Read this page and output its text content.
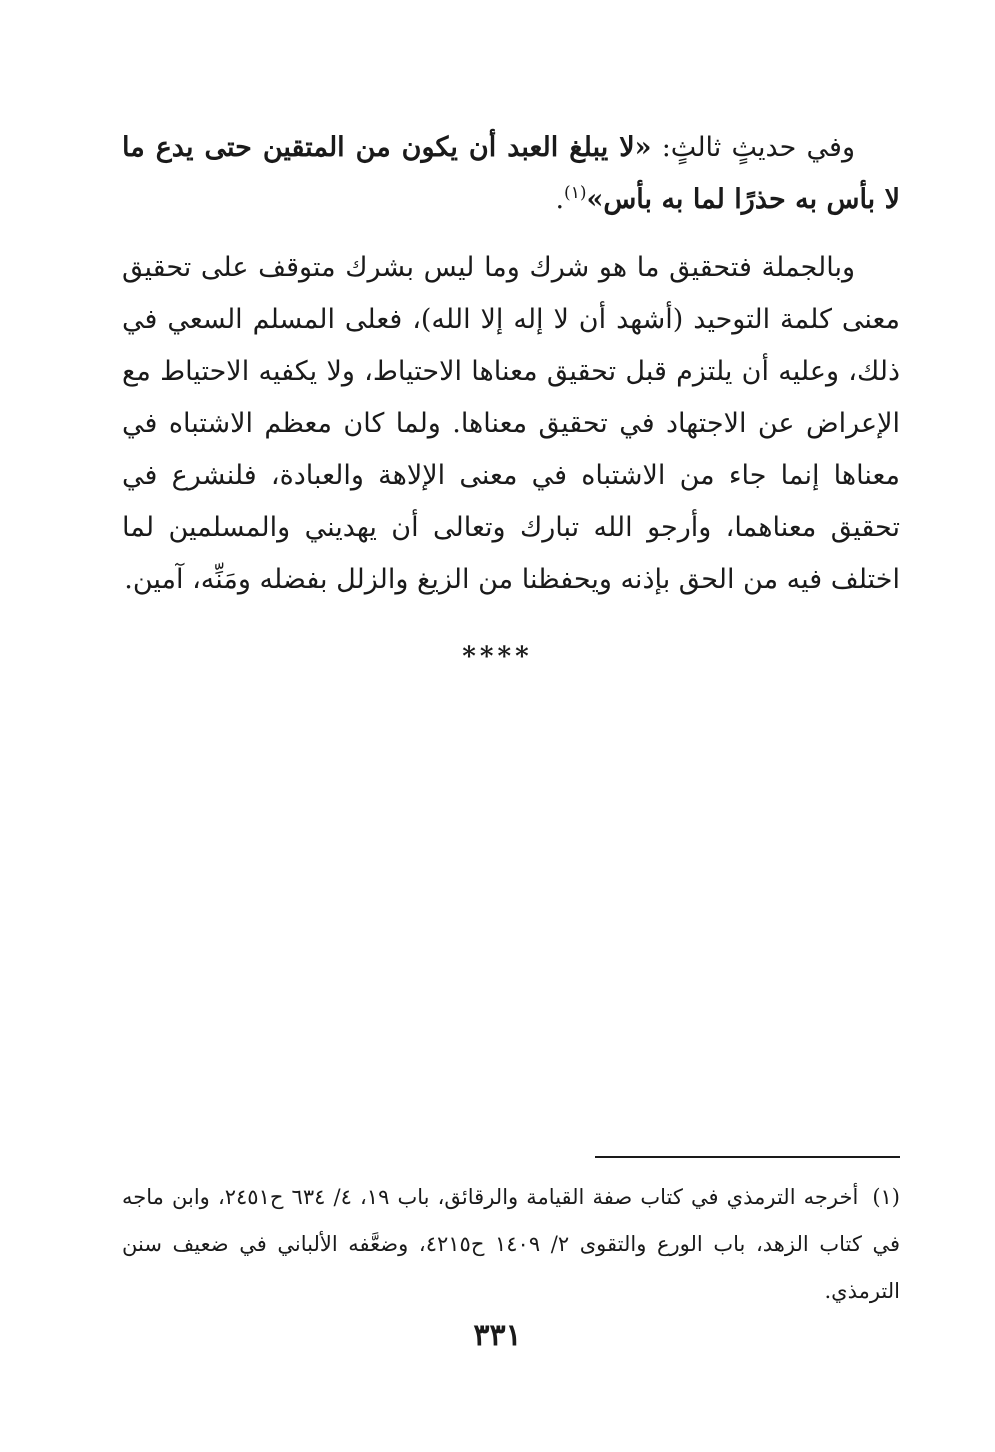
وفي حديثٍ ثالثٍ: «لا يبلغ العبد أن يكون من المتقين حتى يدع ما لا بأس به حذرًا لما به بأس»$^{(١)}$.

وبالجملة فتحقيق ما هو شرك وما ليس بشرك متوقف على تحقيق معنى كلمة التوحيد (أشهد أن لا إله إلا الله)، فعلى المسلم السعي في ذلك، وعليه أن يلتزم قبل تحقيق معناها الاحتياط، ولا يكفيه الاحتياط مع الإعراض عن الاجتهاد في تحقيق معناها. ولما كان معظم الاشتباه في معناها إنما جاء من الاشتباه في معنى الإلاهة والعبادة، فلنشرع في تحقيق معناهما، وأرجو الله تبارك وتعالى أن يهديني والمسلمين لما اختلف فيه من الحق بإذنه ويحفظنا من الزيغ والزلل بفضله ومَنِّه، آمين.

****
(١)أخرجه الترمذي في كتاب صفة القيامة والرقائق، باب ١٩، ٤/ ٦٣٤ ح٢٤٥١، وابن ماجه في كتاب الزهد، باب الورع والتقوى ٢/ ١٤٠٩ ح٤٢١٥، وضعَّفه الألباني في ضعيف سنن الترمذي.
٣٣١
